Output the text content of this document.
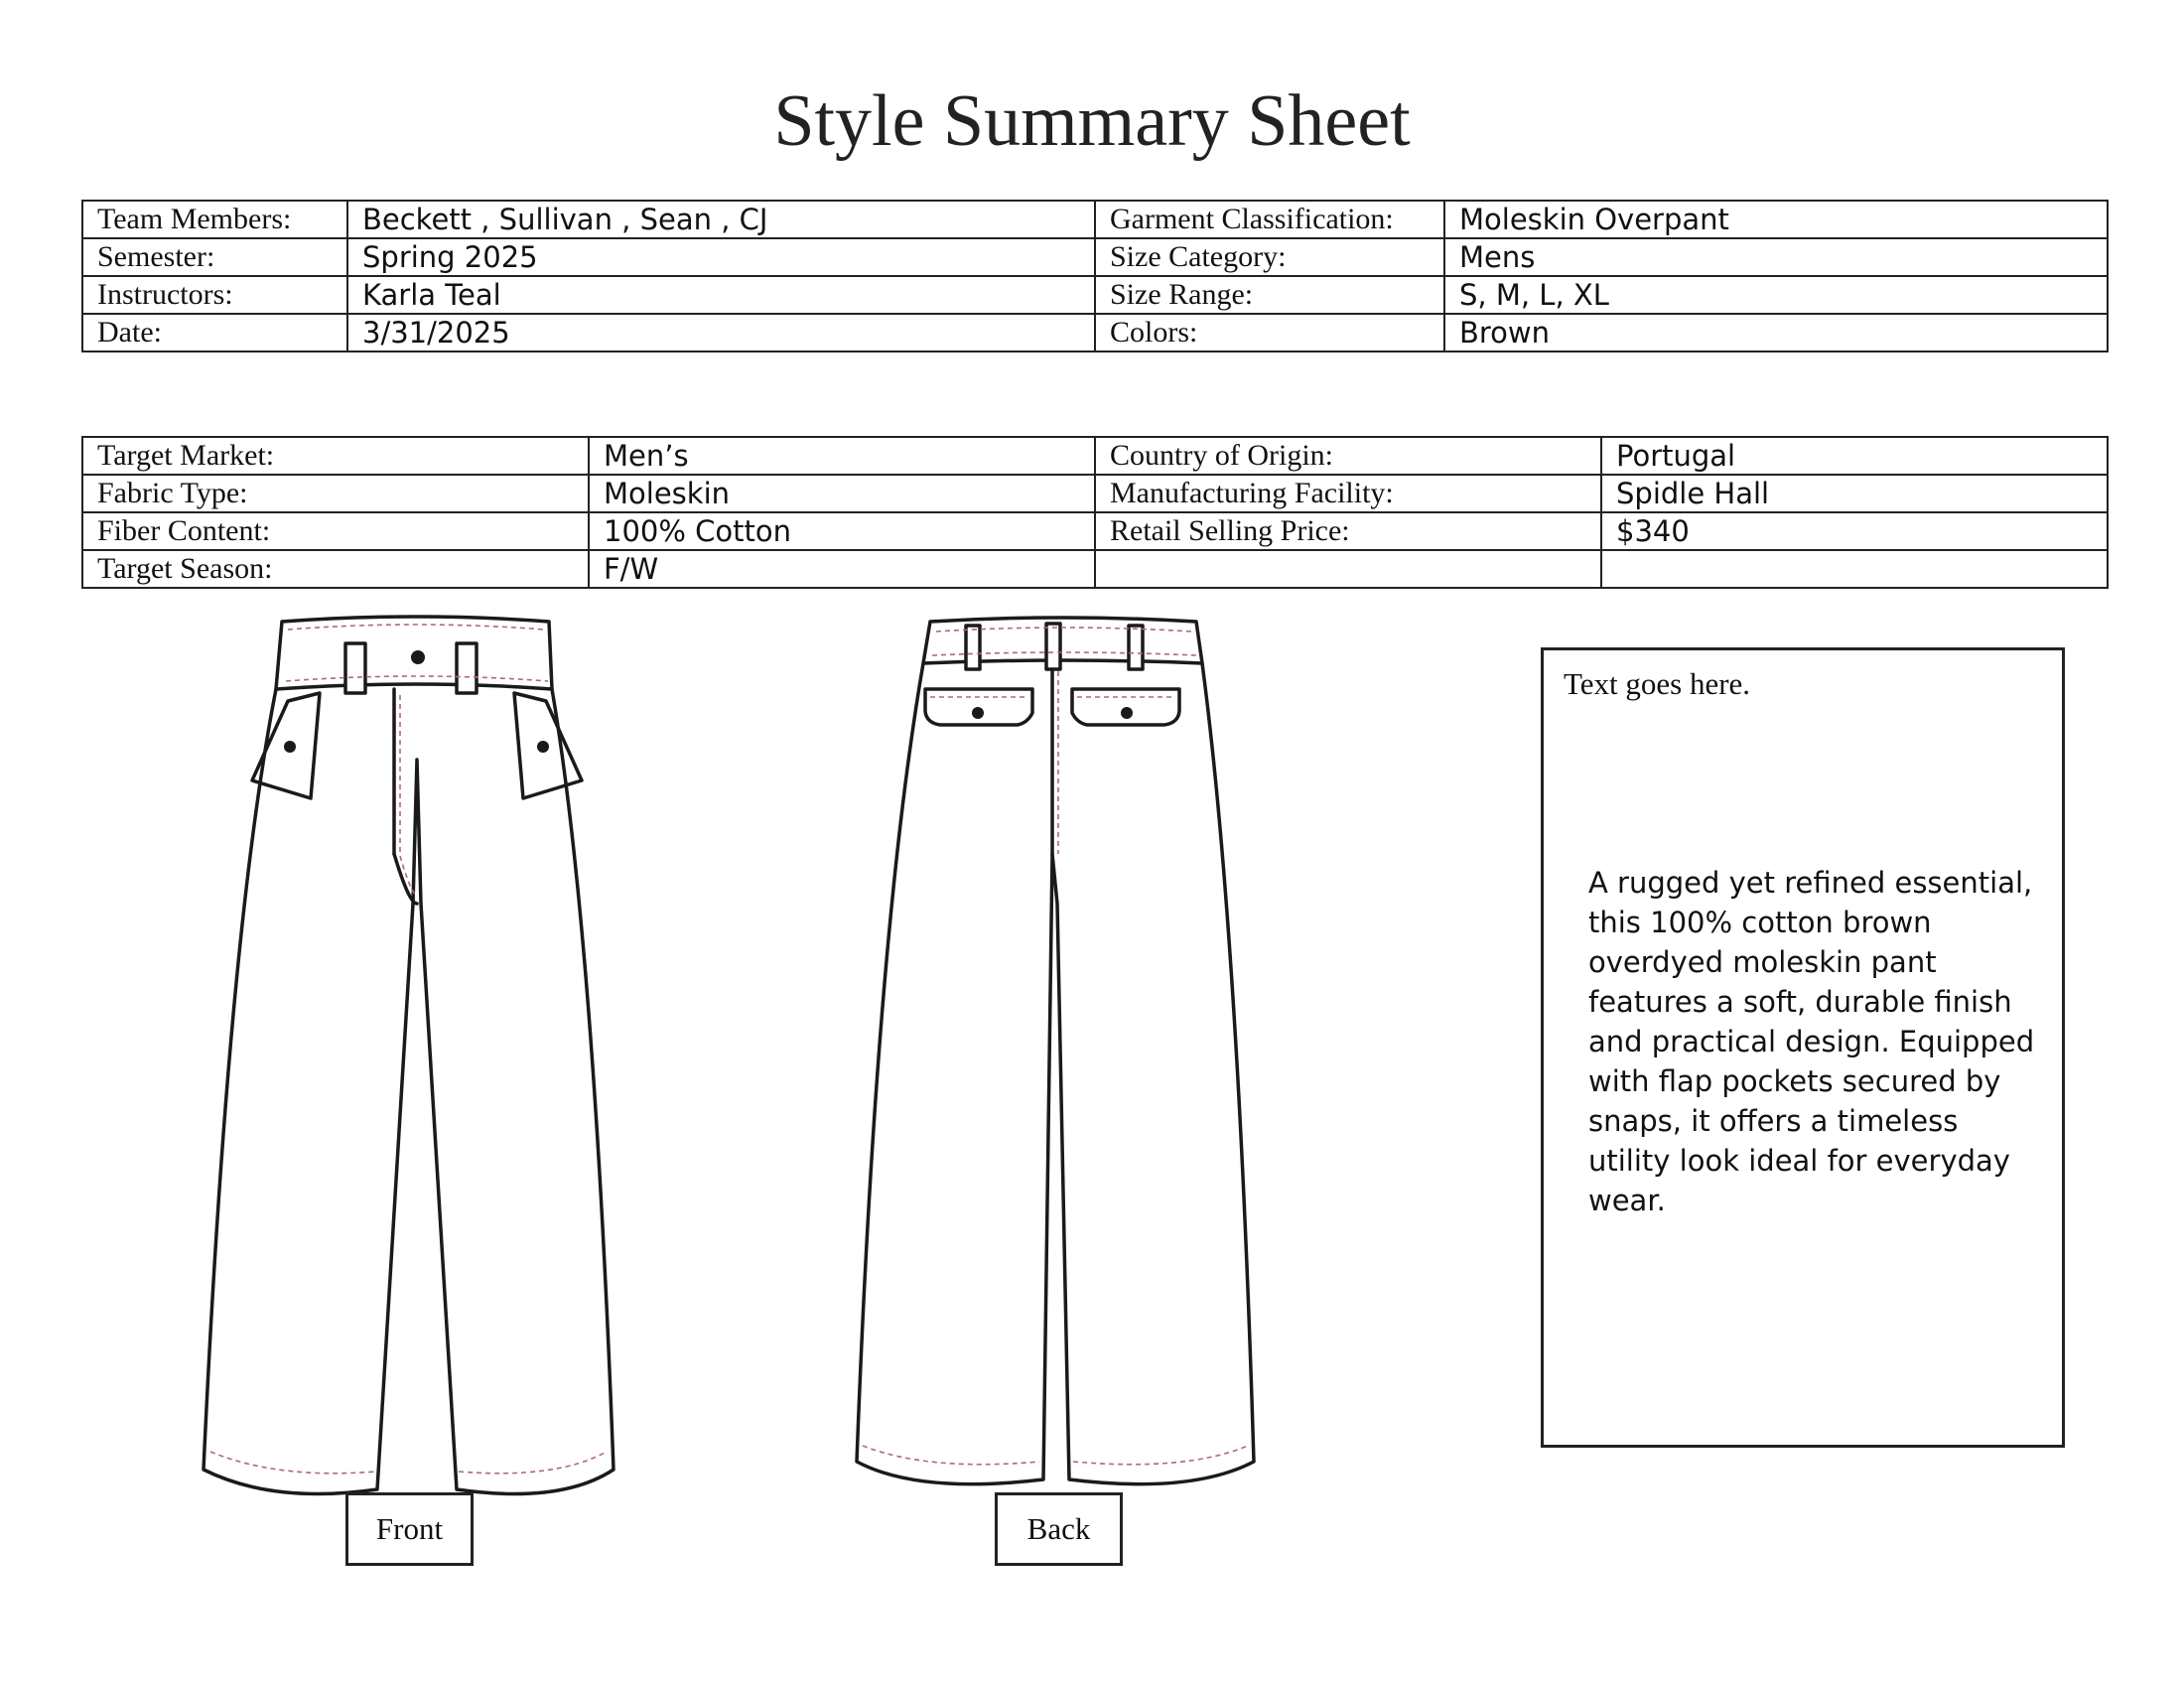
Style Summary Sheet
Team Members:	Beckett , Sullivan , Sean , CJ	Garment Classification:	Moleskin Overpant
Semester:	Spring 2025	Size Category:	Mens
Instructors:	Karla Teal	Size Range:	S, M, L, XL
Date:	3/31/2025	Colors:	Brown
Target Market:	Men’s	Country of Origin:	Portugal
Fabric Type:	Moleskin	Manufacturing Facility:	Spidle Hall
Fiber Content:	100% Cotton	Retail Selling Price:	$340
Target Season:	F/W		
Front	Back
Text goes here.
A rugged yet refined essential, this 100% cotton brown overdyed moleskin pant features a soft, durable finish and practical design. Equipped with flap pockets secured by snaps, it offers a timeless utility look ideal for everyday wear.
